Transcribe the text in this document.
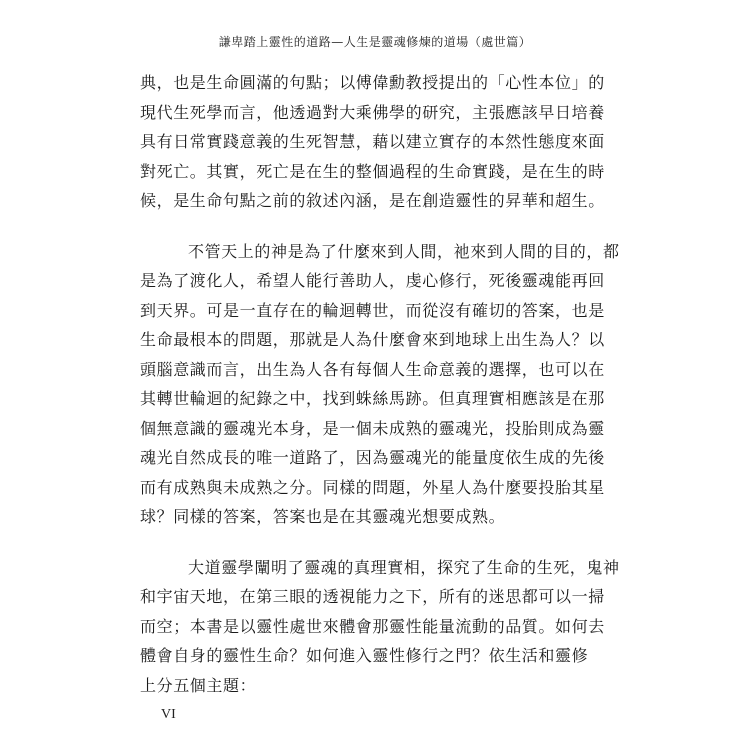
謙卑踏上靈性的道路—人生是靈魂修煉的道場（處世篇）
典，也是生命圓滿的句點；以傅偉勳教授提出的「心性本位」的
現代生死學而言，他透過對大乘佛學的研究，主張應該早日培養
具有日常實踐意義的生死智慧，藉以建立實存的本然性態度來面
對死亡。其實，死亡是在生的整個過程的生命實踐，是在生的時
候，是生命句點之前的敘述內涵，是在創造靈性的昇華和超生。
不管天上的神是為了什麼來到人間，祂來到人間的目的，都
是為了渡化人，希望人能行善助人，虔心修行，死後靈魂能再回
到天界。可是一直存在的輪迴轉世，而從沒有確切的答案，也是
生命最根本的問題，那就是人為什麼會來到地球上出生為人？以
頭腦意識而言，出生為人各有每個人生命意義的選擇，也可以在
其轉世輪迴的紀錄之中，找到蛛絲馬跡。但真理實相應該是在那
個無意識的靈魂光本身，是一個未成熟的靈魂光，投胎則成為靈
魂光自然成長的唯一道路了，因為靈魂光的能量度依生成的先後
而有成熟與未成熟之分。同樣的問題，外星人為什麼要投胎其星
球？同樣的答案，答案也是在其靈魂光想要成熟。
大道靈學闡明了靈魂的真理實相，探究了生命的生死，鬼神
和宇宙天地，在第三眼的透視能力之下，所有的迷思都可以一掃
而空；本書是以靈性處世來體會那靈性能量流動的品質。如何去
體會自身的靈性生命？如何進入靈性修行之門？依生活和靈修
上分五個主題：
VI
